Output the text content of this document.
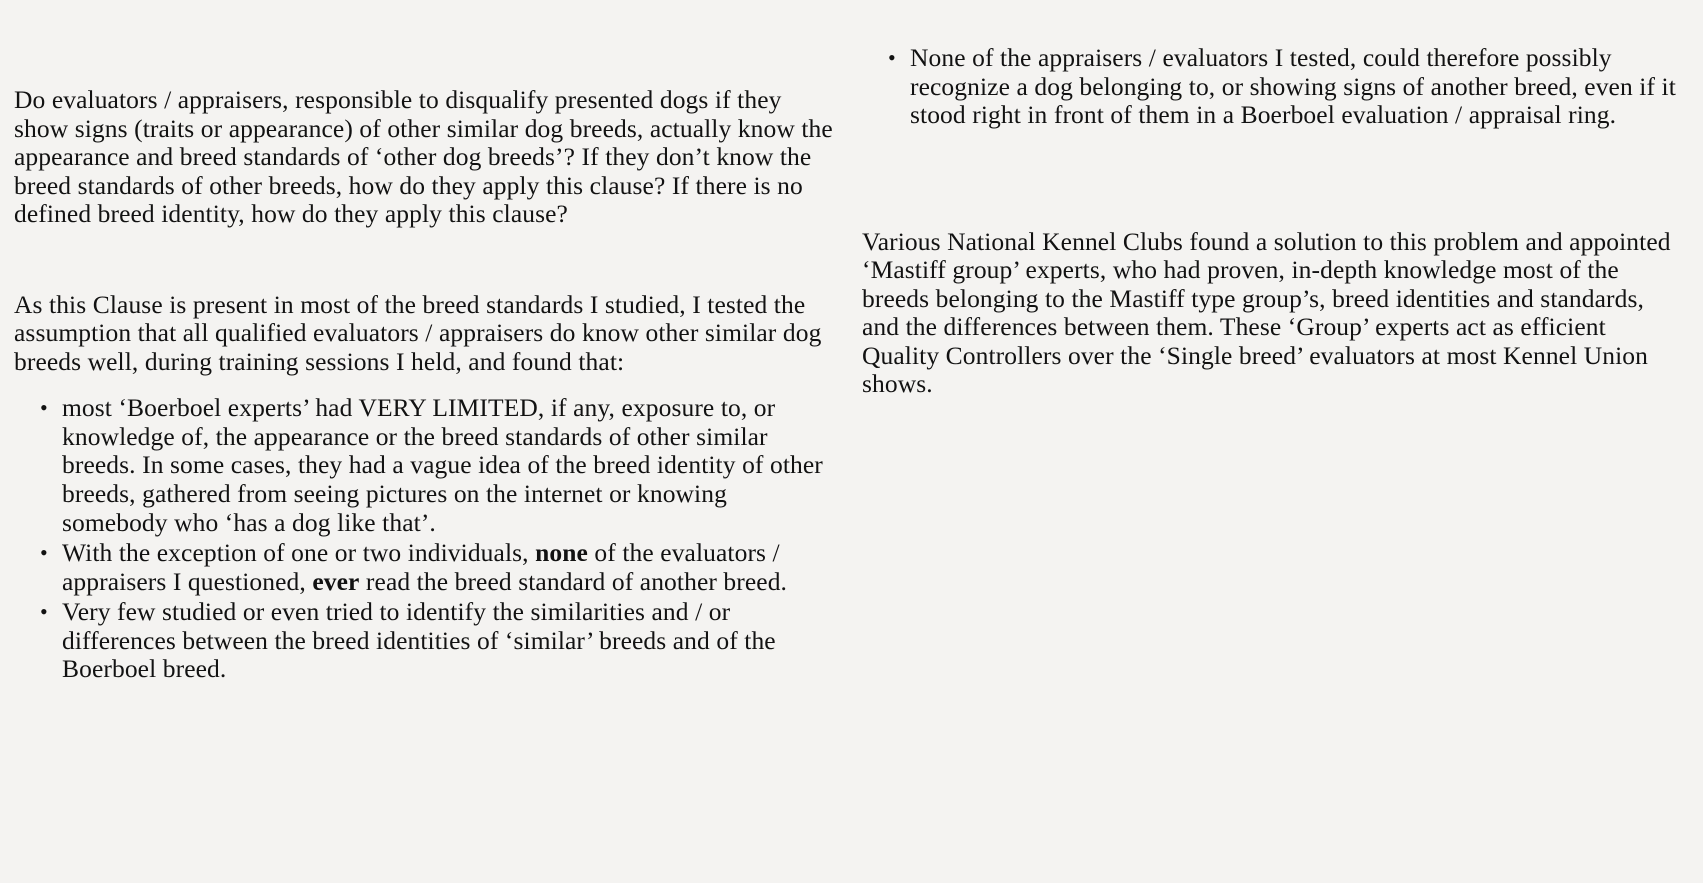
Do evaluators / appraisers, responsible to disqualify presented dogs if they show signs (traits or appearance) of other similar dog breeds, actually know the appearance and breed standards of ‘other dog breeds’? If they don’t know the breed standards of other breeds, how do they apply this clause? If there is no defined breed identity, how do they apply this clause?

As this Clause is present in most of the breed standards I studied, I tested the assumption that all qualified evaluators / appraisers do know other similar dog breeds well, during training sessions I held, and found that:

• most ‘Boerboel experts’ had VERY LIMITED, if any, exposure to, or knowledge of, the appearance or the breed standards of other similar breeds. In some cases, they had a vague idea of the breed identity of other breeds, gathered from seeing pictures on the internet or knowing somebody who ‘has a dog like that’.
• With the exception of one or two individuals, none of the evaluators / appraisers I questioned, ever read the breed standard of another breed.
• Very few studied or even tried to identify the similarities and / or differences between the breed identities of ‘similar’ breeds and of the Boerboel breed.
• None of the appraisers / evaluators I tested, could therefore possibly recognize a dog belonging to, or showing signs of another breed, even if it stood right in front of them in a Boerboel evaluation / appraisal ring.

Various National Kennel Clubs found a solution to this problem and appointed ‘Mastiff group’ experts, who had proven, in-depth knowledge most of the breeds belonging to the Mastiff type group’s, breed identities and standards, and the differences between them. These ‘Group’ experts act as efficient Quality Controllers over the ‘Single breed’ evaluators at most Kennel Union shows.
